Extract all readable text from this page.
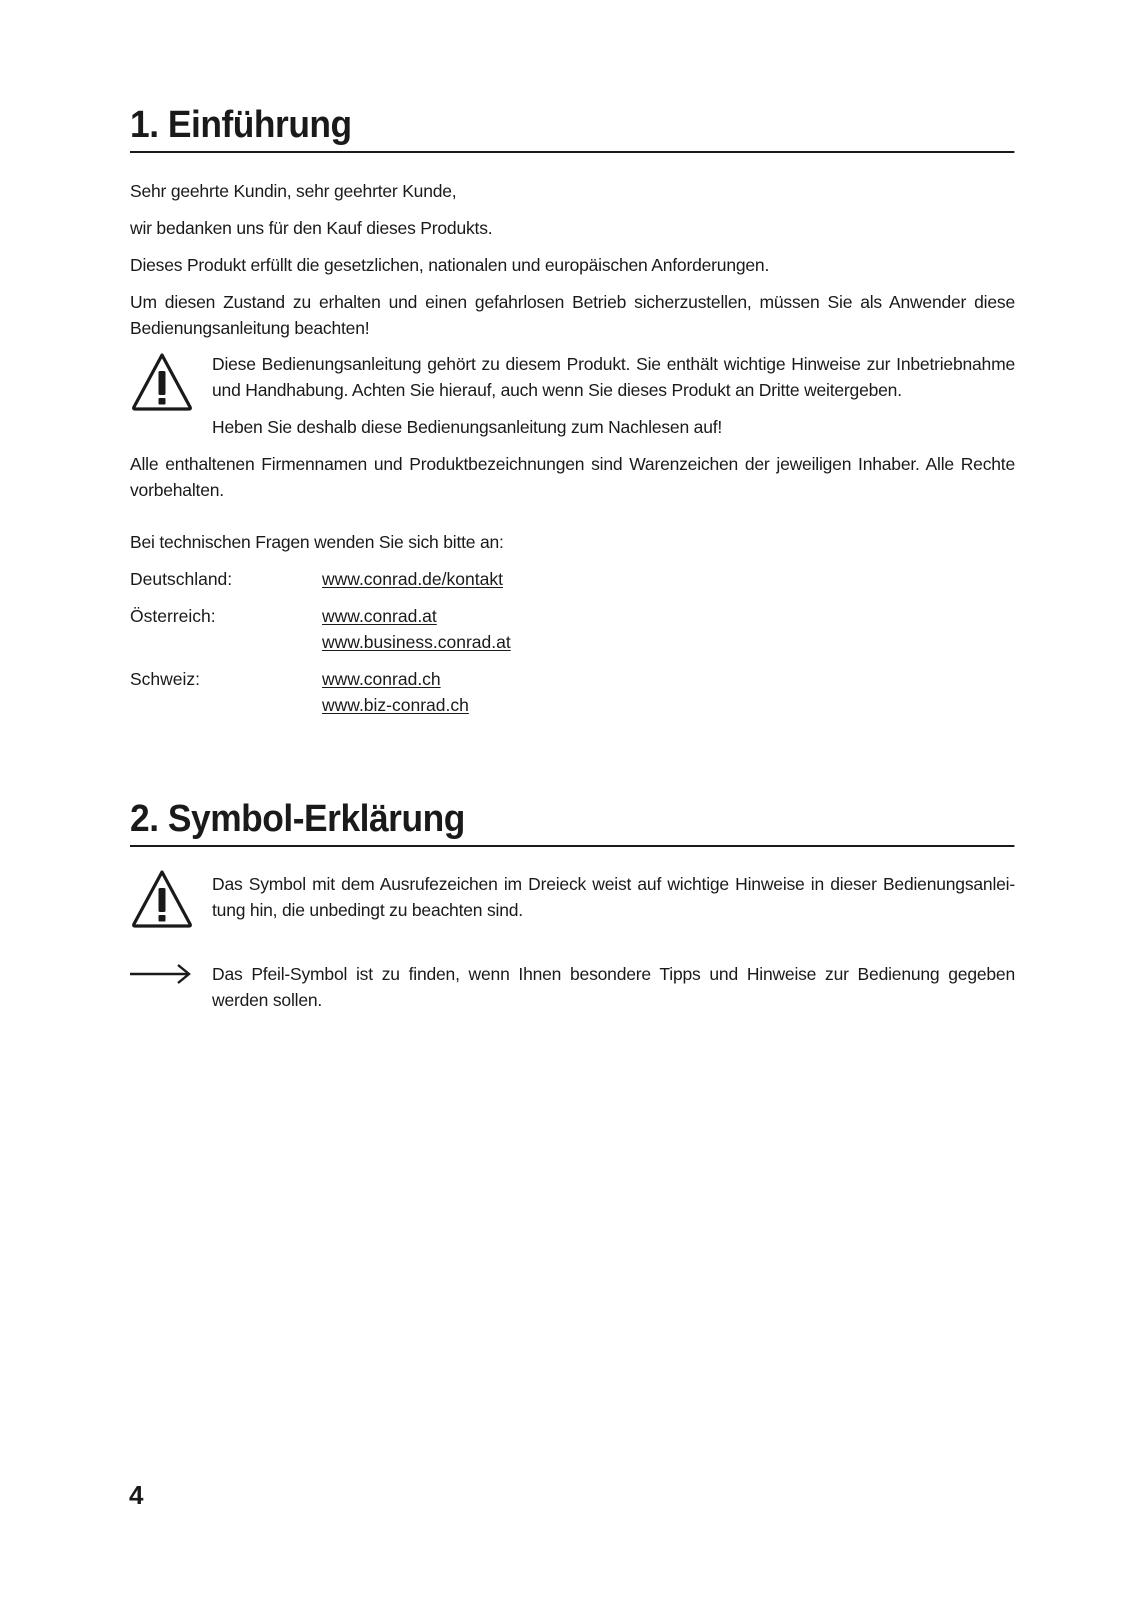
1. Einführung

Sehr geehrte Kundin, sehr geehrter Kunde,

wir bedanken uns für den Kauf dieses Produkts.

Dieses Produkt erfüllt die gesetzlichen, nationalen und europäischen Anforderungen.

Um diesen Zustand zu erhalten und einen gefahrlosen Betrieb sicherzustellen, müssen Sie als Anwender diese Bedienungsanleitung beachten!

Diese Bedienungsanleitung gehört zu diesem Produkt. Sie enthält wichtige Hinweise zur Inbetriebnahme und Handhabung. Achten Sie hierauf, auch wenn Sie dieses Produkt an Dritte weitergeben.

Heben Sie deshalb diese Bedienungsanleitung zum Nachlesen auf!

Alle enthaltenen Firmennamen und Produktbezeichnungen sind Warenzeichen der jeweiligen Inhaber. Alle Rechte vorbehalten.

Bei technischen Fragen wenden Sie sich bitte an:

Deutschland:	www.conrad.de/kontakt
Österreich:	www.conrad.at
www.business.conrad.at
Schweiz:	www.conrad.ch
www.biz-conrad.ch
2. Symbol-Erklärung

Das Symbol mit dem Ausrufezeichen im Dreieck weist auf wichtige Hinweise in dieser Bedienungsanlei-tung hin, die unbedingt zu beachten sind.

Das Pfeil-Symbol ist zu finden, wenn Ihnen besondere Tipps und Hinweise zur Bedienung gegeben werden sollen.

4
